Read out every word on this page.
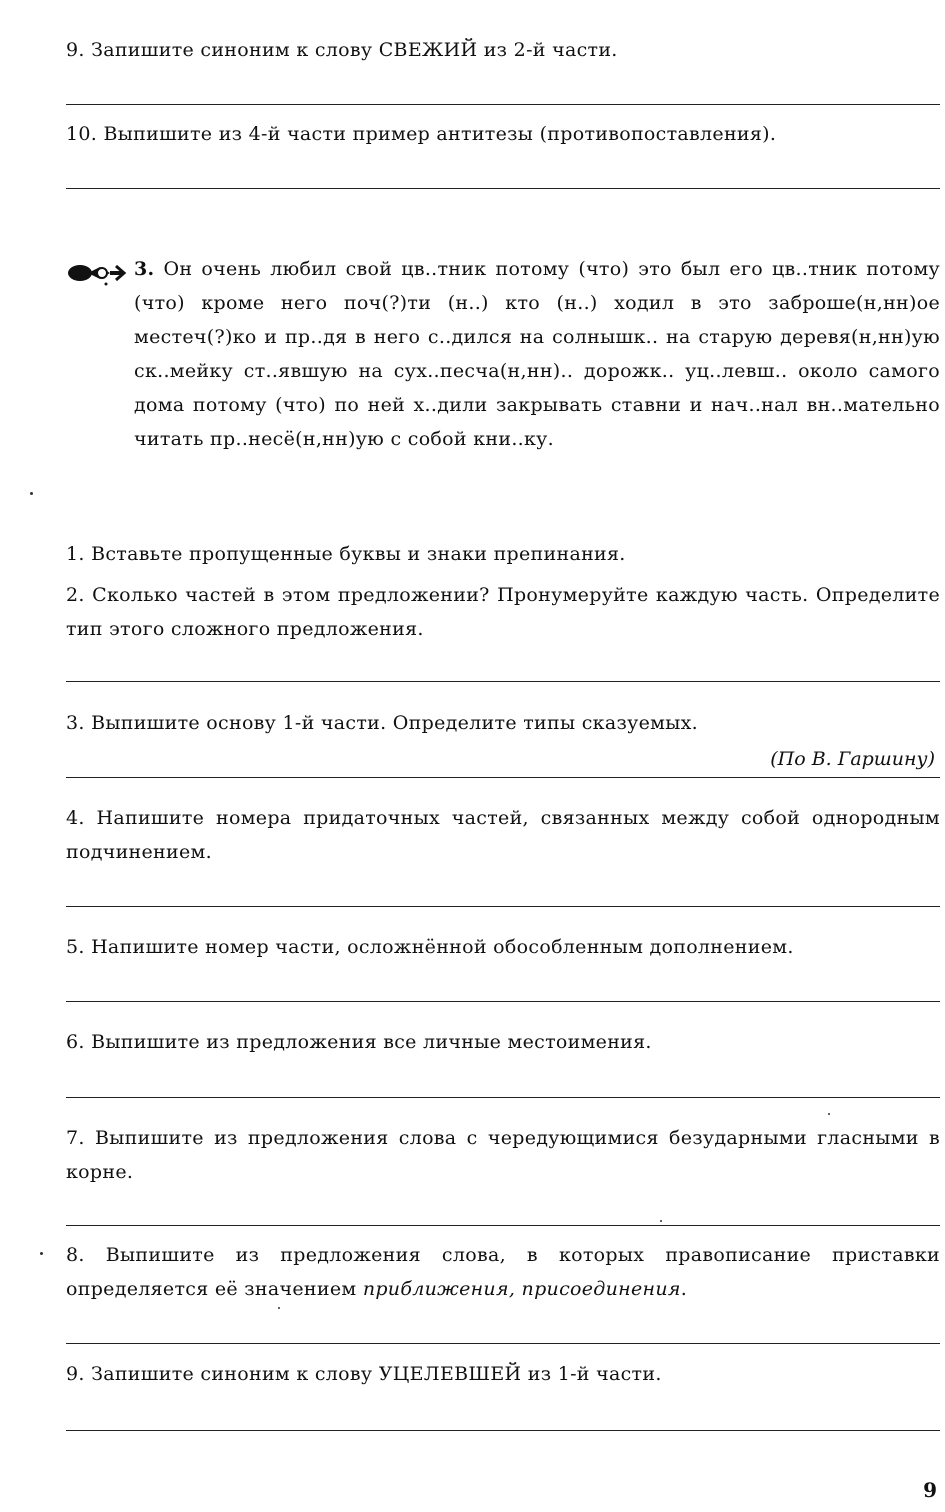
9. Запишите синоним к слову СВЕЖИЙ из 2-й части.

10. Выпишите из 4-й части пример антитезы (противопоставления).

3. Он очень любил свой цв..тник потому (что) это был его цв..тник потому (что) кроме него поч(?)ти (н..) кто (н..) ходил в это заброше(н,нн)ое местеч(?)ко и пр..дя в него с..дился на солнышк.. на старую деревя(н,нн)ую ск..мейку ст..явшую на сух..пеcча(н,нн).. дорожк.. уц..левш.. около самого дома потому (что) по ней х..дили закрывать ставни и нач..нал вн..мательно читать пр..несё(н,нн)ую с собой кни..ку.

(По В. Гаршину)

1. Вставьте пропущенные буквы и знаки препинания.

2. Сколько частей в этом предложении? Пронумеруйте каждую часть. Определите тип этого сложного предложения.

3. Выпишите основу 1-й части. Определите типы сказуемых.

4. Напишите номера придаточных частей, связанных между собой однородным подчинением.

5. Напишите номер части, осложнённой обособленным дополнением.

6. Выпишите из предложения все личные местоимения.

7. Выпишите из предложения слова с чередующимися безударными гласными в корне.

8. Выпишите из предложения слова, в которых правописание приставки определяется её значением приближения, присоединения.

9. Запишите синоним к слову УЦЕЛЕВШЕЙ из 1-й части.

9
